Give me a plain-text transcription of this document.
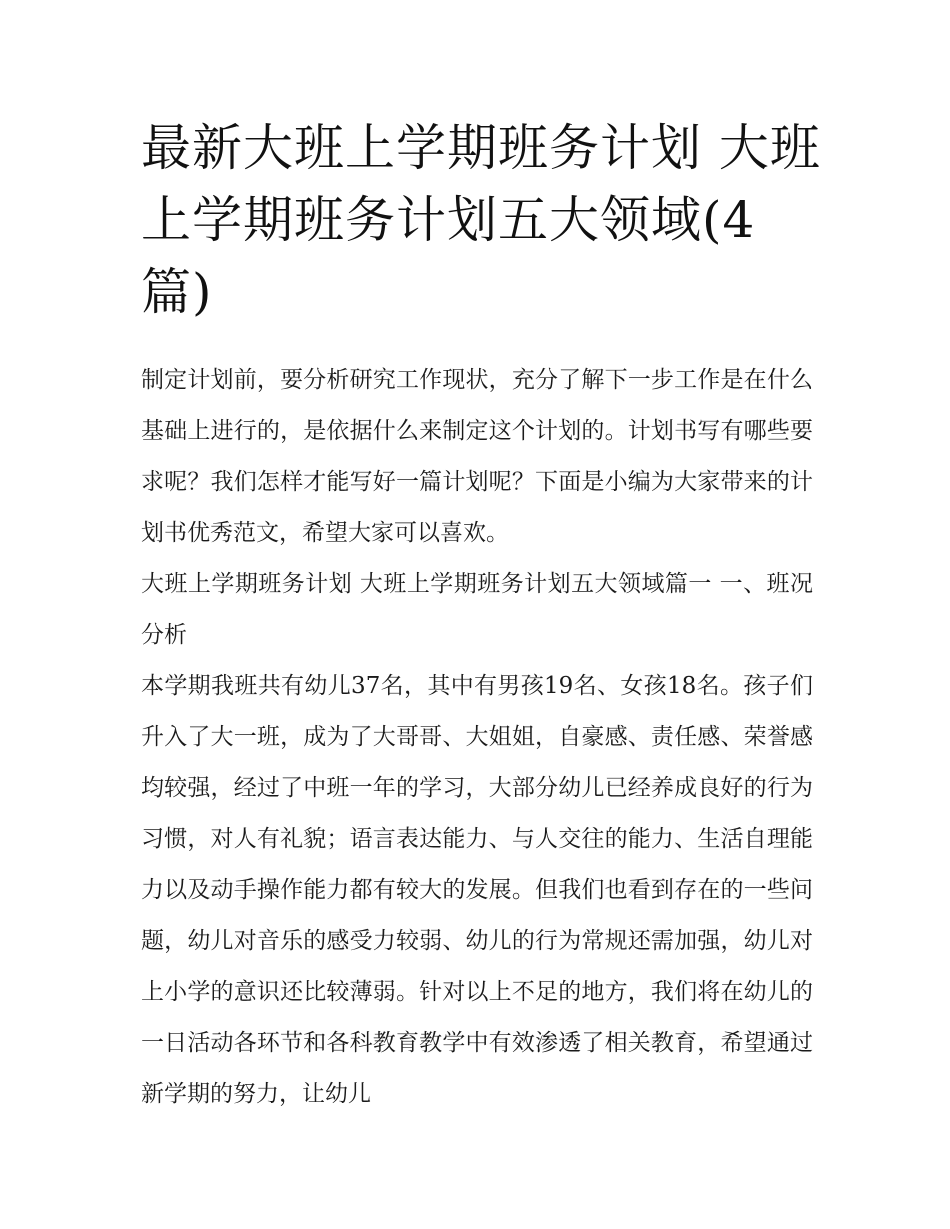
最新大班上学期班务计划 大班上学期班务计划五大领域(4篇)

制定计划前，要分析研究工作现状，充分了解下一步工作是在什么基础上进行的，是依据什么来制定这个计划的。计划书写有哪些要求呢？我们怎样才能写好一篇计划呢？下面是小编为大家带来的计划书优秀范文，希望大家可以喜欢。

大班上学期班务计划 大班上学期班务计划五大领域篇一 一、班况分析

本学期我班共有幼儿37名，其中有男孩19名、女孩18名。孩子们升入了大一班，成为了大哥哥、大姐姐，自豪感、责任感、荣誉感均较强，经过了中班一年的学习，大部分幼儿已经养成良好的行为习惯，对人有礼貌；语言表达能力、与人交往的能力、生活自理能力以及动手操作能力都有较大的发展。但我们也看到存在的一些问题，幼儿对音乐的感受力较弱、幼儿的行为常规还需加强，幼儿对上小学的意识还比较薄弱。针对以上不足的地方，我们将在幼儿的一日活动各环节和各科教育教学中有效渗透了相关教育，希望通过新学期的努力，让幼儿
